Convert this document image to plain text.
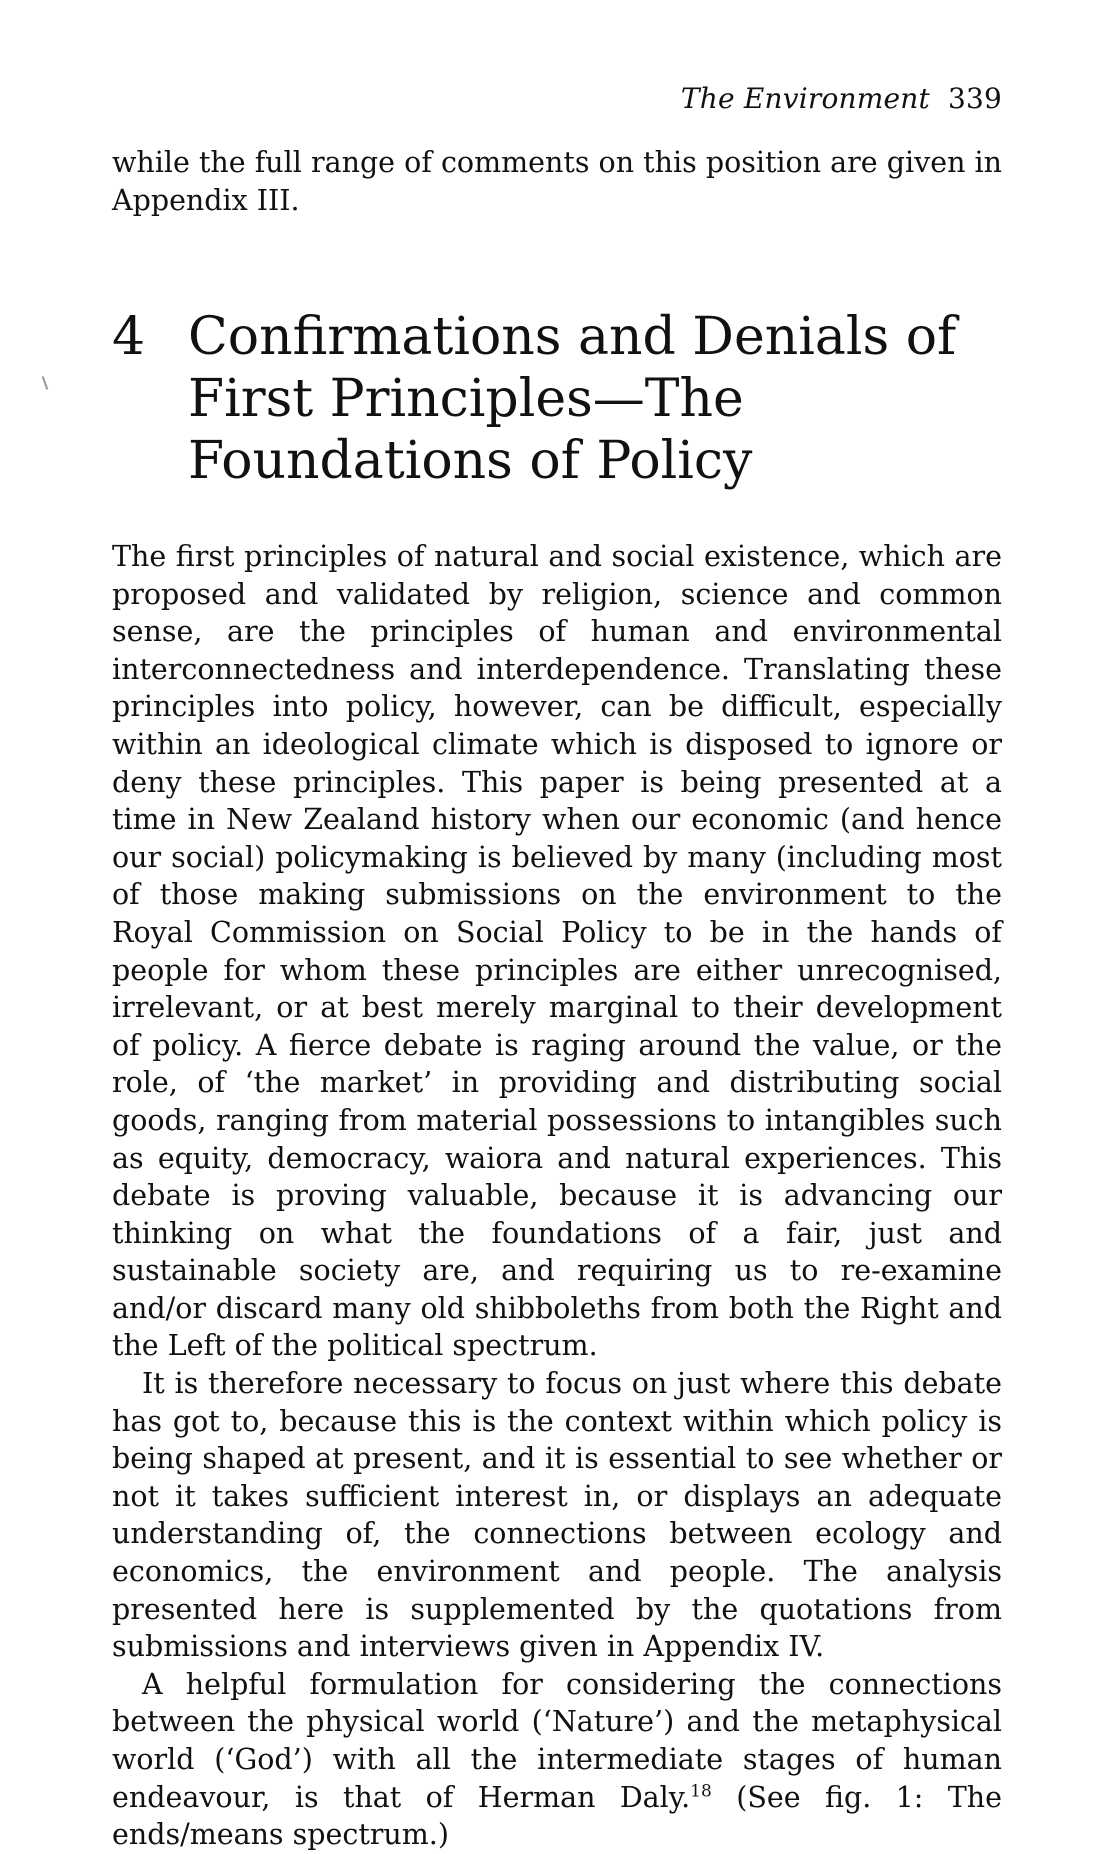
The Environment 339
while the full range of comments on this position are given in Appendix III.
4 Confirmations and Denials of First Principles—The Foundations of Policy

The first principles of natural and social existence, which are proposed and validated by religion, science and common sense, are the principles of human and environmental interconnectedness and interdependence. Translating these principles into policy, however, can be difficult, especially within an ideological climate which is disposed to ignore or deny these principles. This paper is being presented at a time in New Zealand history when our economic (and hence our social) policymaking is believed by many (including most of those making submissions on the environment to the Royal Commission on Social Policy to be in the hands of people for whom these principles are either unrecognised, irrelevant, or at best merely marginal to their development of policy. A fierce debate is raging around the value, or the role, of ‘the market’ in providing and distributing social goods, ranging from material possessions to intangibles such as equity, democracy, waiora and natural experiences. This debate is proving valuable, because it is advancing our thinking on what the foundations of a fair, just and sustainable society are, and requiring us to re-examine and/or discard many old shibboleths from both the Right and the Left of the political spectrum.

It is therefore necessary to focus on just where this debate has got to, because this is the context within which policy is being shaped at present, and it is essential to see whether or not it takes sufficient interest in, or displays an adequate understanding of, the connections between ecology and economics, the environment and people. The analysis presented here is supplemented by the quotations from submissions and interviews given in Appendix IV.

A helpful formulation for considering the connections between the physical world (‘Nature’) and the metaphysical world (‘God’) with all the intermediate stages of human endeavour, is that of Herman Daly.$^{18}$ (See fig. 1: The ends/means spectrum.)
